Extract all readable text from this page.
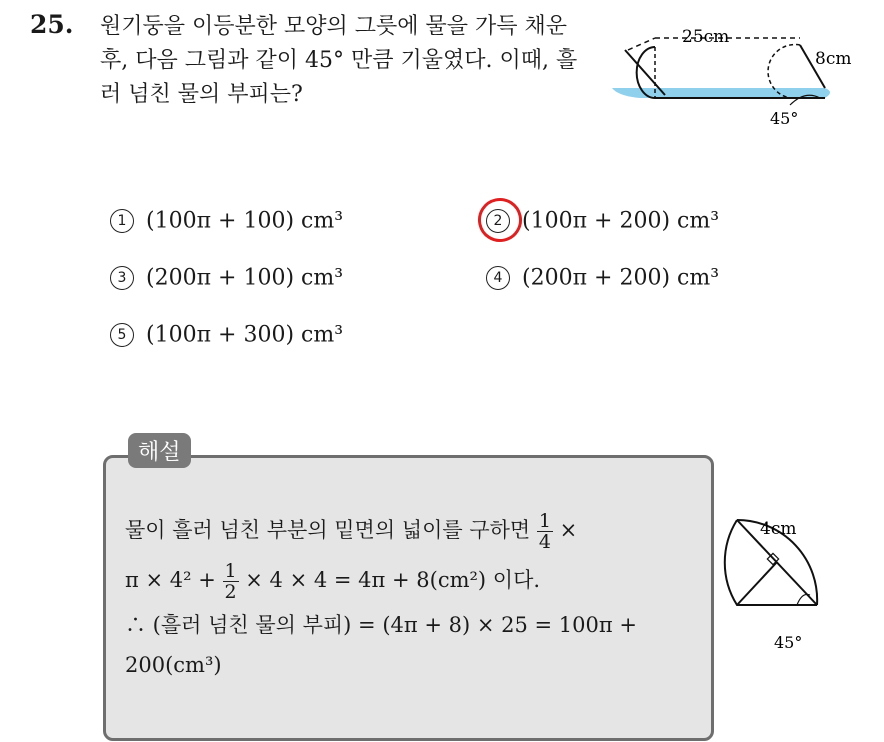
25. 원기둥을 이등분한 모양의 그릇에 물을 가득 채운 후, 다음 그림과 같이 45° 만큼 기울였다. 이때, 흘러 넘친 물의 부피는?
25cm
8cm
45°
1 (100π + 100) cm³	2 (100π + 200) cm³
3 (200π + 100) cm³	4 (200π + 200) cm³
5 (100π + 300) cm³
해설
물이 흘러 넘친 부분의 밑면의 넓이를 구하면 $\frac{1}{4}$ ×
$\pi \times 4^2 + \frac{1}{2} \times 4 \times 4 = 4\pi + 8(cm^2)$ 이다.
∴ (흘러 넘친 물의 부피) = (4π + 8) × 25 = 100π +
200(cm³)
4cm
45°
